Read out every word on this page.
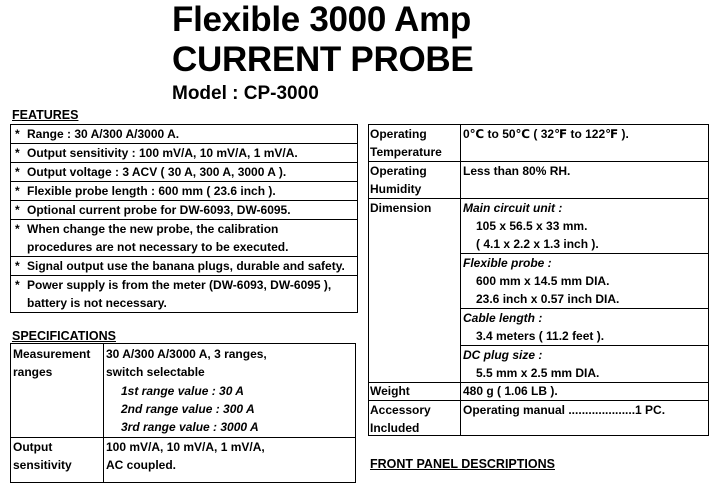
Flexible 3000 Amp
CURRENT PROBE
Model : CP-3000
FEATURES
* Range : 30 A/300 A/3000 A.
* Output sensitivity : 100 mV/A, 10 mV/A, 1 mV/A.
* Output voltage : 3 ACV ( 30 A, 300 A, 3000 A ).
* Flexible probe length : 600 mm ( 23.6 inch ).
* Optional current probe for DW-6093, DW-6095.
* When change the new probe, the calibration
procedures are not necessary to be executed.
* Signal output use the banana plugs, durable and safety.
* Power supply is from the meter (DW-6093, DW-6095 ),
battery is not necessary.
SPECIFICATIONS
Measurement
ranges
30 A/300 A/3000 A, 3 ranges,
switch selectable
1st range value : 30 A
2nd range value : 300 A
3rd range value : 3000 A
Output
sensitivity
100 mV/A, 10 mV/A, 1 mV/A,
AC coupled.
Operating
Temperature
0℃ to 50℃ ( 32℉ to 122℉ ).
Operating
Humidity
Less than 80% RH.
Dimension	Main circuit unit :
105 x 56.5 x 33 mm.
( 4.1 x 2.2 x 1.3 inch ).
Flexible probe :
600 mm x 14.5 mm DIA.
23.6 inch x 0.57 inch DIA.
Cable length :
3.4 meters ( 11.2 feet ).
DC plug size :
5.5 mm x 2.5 mm DIA.
Weight	480 g ( 1.06 LB ).
Accessory
Included
Operating manual ....................1 PC.
FRONT PANEL DESCRIPTIONS
